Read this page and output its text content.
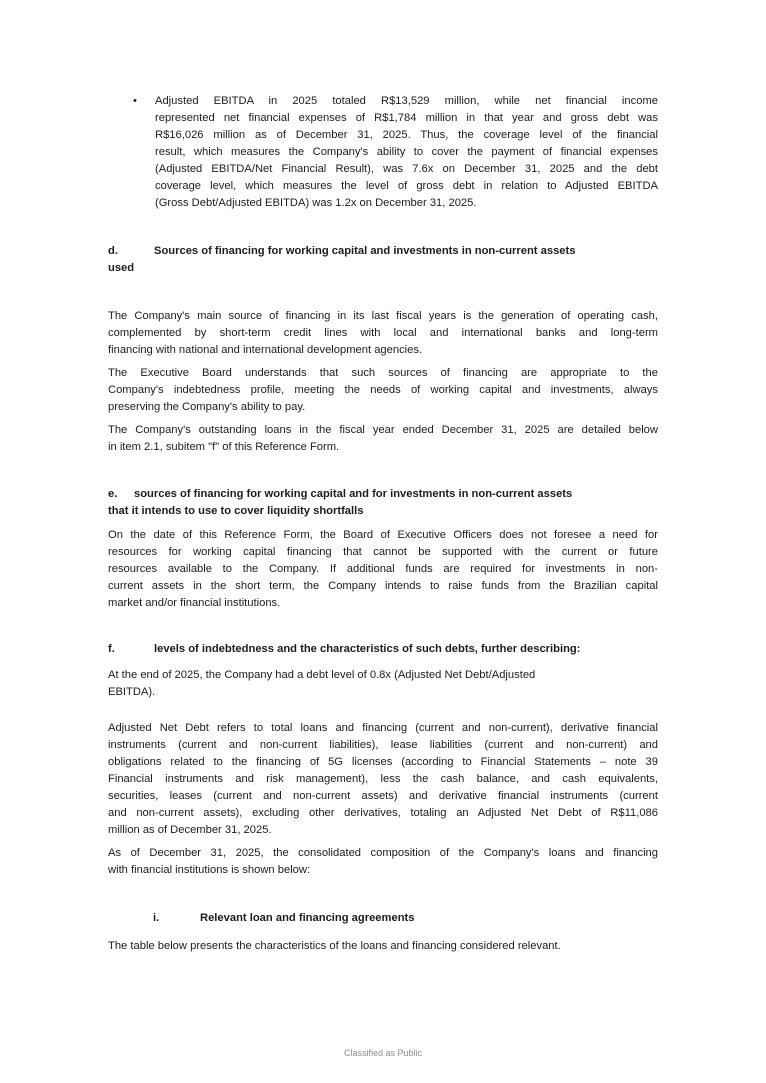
• Adjusted EBITDA in 2025 totaled R$13,529 million, while net financial income
represented net financial expenses of R$1,784 million in that year and gross debt was
R$16,026 million as of December 31, 2025. Thus, the coverage level of the financial
result, which measures the Company's ability to cover the payment of financial expenses
(Adjusted EBITDA/Net Financial Result), was 7.6x on December 31, 2025 and the debt
coverage level, which measures the level of gross debt in relation to Adjusted EBITDA
(Gross Debt/Adjusted EBITDA) was 1.2x on December 31, 2025.
d.	Sources of financing for working capital and investments in non-current assets
used
The Company's main source of financing in its last fiscal years is the generation of operating cash,
complemented by short-term credit lines with local and international banks and long-term
financing with national and international development agencies.
The Executive Board understands that such sources of financing are appropriate to the
Company's indebtedness profile, meeting the needs of working capital and investments, always
preserving the Company's ability to pay.
The Company's outstanding loans in the fiscal year ended December 31, 2025 are detailed below
in item 2.1, subitem "f" of this Reference Form.
e. sources of financing for working capital and for investments in non-current assets
that it intends to use to cover liquidity shortfalls
On the date of this Reference Form, the Board of Executive Officers does not foresee a need for
resources for working capital financing that cannot be supported with the current or future
resources available to the Company. If additional funds are required for investments in non-
current assets in the short term, the Company intends to raise funds from the Brazilian capital
market and/or financial institutions.
f.	levels of indebtedness and the characteristics of such debts, further describing:
At the end of 2025, the Company had a debt level of 0.8x (Adjusted Net Debt/Adjusted
EBITDA).
Adjusted Net Debt refers to total loans and financing (current and non-current), derivative financial
instruments (current and non-current liabilities), lease liabilities (current and non-current) and
obligations related to the financing of 5G licenses (according to Financial Statements – note 39
Financial instruments and risk management), less the cash balance, and cash equivalents,
securities, leases (current and non-current assets) and derivative financial instruments (current
and non-current assets), excluding other derivatives, totaling an Adjusted Net Debt of R$11,086
million as of December 31, 2025.
As of December 31, 2025, the consolidated composition of the Company's loans and financing
with financial institutions is shown below:
i.	Relevant loan and financing agreements
The table below presents the characteristics of the loans and financing considered relevant.
Classified as Public
